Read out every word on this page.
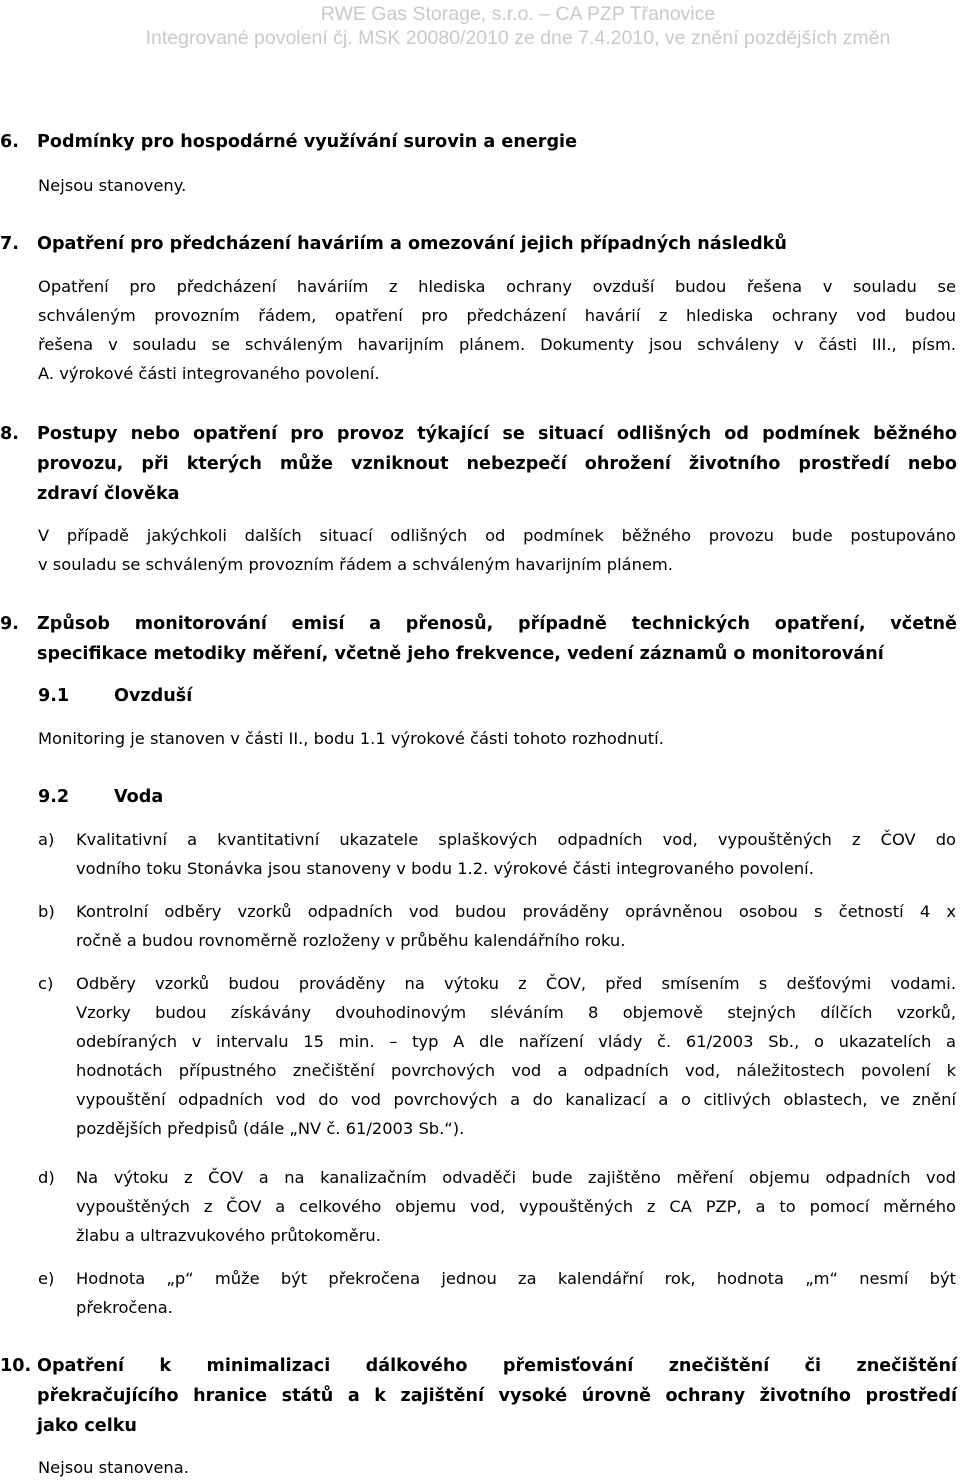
RWE Gas Storage, s.r.o. – CA PZP Třanovice
Integrované povolení čj. MSK 20080/2010 ze dne 7.4.2010, ve znění pozdějších změn
6. Podmínky pro hospodárné využívání surovin a energie
Nejsou stanoveny.
7. Opatření pro předcházení haváriím a omezování jejich případných následků
Opatření pro předcházení haváriím z hlediska ochrany ovzduší budou řešena v souladu se
schváleným provozním řádem, opatření pro předcházení havárií z hlediska ochrany vod budou
řešena v souladu se schváleným havarijním plánem. Dokumenty jsou schváleny v části III., písm.
A. výrokové části integrovaného povolení.
8. Postupy nebo opatření pro provoz týkající se situací odlišných od podmínek běžného
provozu, při kterých může vzniknout nebezpečí ohrožení životního prostředí nebo
zdraví člověka
V případě jakýchkoli dalších situací odlišných od podmínek běžného provozu bude postupováno
v souladu se schváleným provozním řádem a schváleným havarijním plánem.
9. Způsob monitorování emisí a přenosů, případně technických opatření, včetně
specifikace metodiky měření, včetně jeho frekvence, vedení záznamů o monitorování
9.1	Ovzduší
Monitoring je stanoven v části II., bodu 1.1 výrokové části tohoto rozhodnutí.
9.2	Voda
a) Kvalitativní a kvantitativní ukazatele splaškových odpadních vod, vypouštěných z ČOV do
vodního toku Stonávka jsou stanoveny v bodu 1.2. výrokové části integrovaného povolení.
b) Kontrolní odběry vzorků odpadních vod budou prováděny oprávněnou osobou s četností 4 x
ročně a budou rovnoměrně rozloženy v průběhu kalendářního roku.
c) Odběry vzorků budou prováděny na výtoku z ČOV, před smísením s dešťovými vodami.
Vzorky budou získávány dvouhodinovým sléváním 8 objemově stejných dílčích vzorků,
odebíraných v intervalu 15 min. – typ A dle nařízení vlády č. 61/2003 Sb., o ukazatelích a
hodnotách přípustného znečištění povrchových vod a odpadních vod, náležitostech povolení k
vypouštění odpadních vod do vod povrchových a do kanalizací a o citlivých oblastech, ve znění
pozdějších předpisů (dále „NV č. 61/2003 Sb.“).
d) Na výtoku z ČOV a na kanalizačním odvaděči bude zajištěno měření objemu odpadních vod
vypouštěných z ČOV a celkového objemu vod, vypouštěných z CA PZP, a to pomocí měrného
žlabu a ultrazvukového průtokoměru.
e) Hodnota „p“ může být překročena jednou za kalendářní rok, hodnota „m“ nesmí být
překročena.
10. Opatření k minimalizaci dálkového přemisťování znečištění či znečištění
překračujícího hranice států a k zajištění vysoké úrovně ochrany životního prostředí
jako celku
Nejsou stanovena.
